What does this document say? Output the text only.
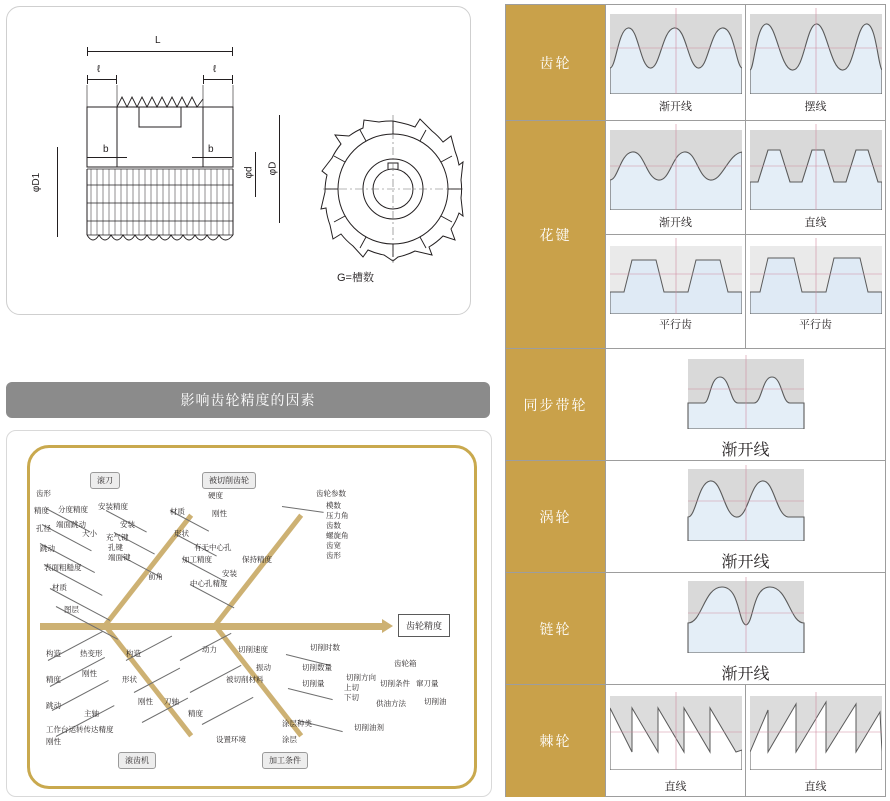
L
ℓ	ℓ
b	b
φD1
φd φD
G=槽数
影响齿轮精度的因素
齿轮精度
滚刀	被切削齿轮
滚齿机	加工条件
齿形
精度
孔径
跳动
分度精度
端面跳动
大小
安装精度
安装
充气键
孔键
端面键
表面粗糙度
材质
图层
前角
硬度
材质	刚性
形状
有无中心孔
加工精度
安装
中心孔精度
保持精度
齿轮参数
模数
压力角
齿数
螺旋角
齿宽
齿形
构造	热变形
精度
刚性
跳动
主轴
工作台运转传达精度
刚性
构造
形状
刚性 刀轴
精度
动力	切削速度
振动
被切削材料
切削时数
切削数量
切削量
切削方向
上切
下切
齿轮箱
切削条件 窜刀量
供油方法 切削油
切削油剂
涂层种类
涂层
设置环境
齿轮
渐开线	摆线
花键
渐开线	直线
平行齿	平行齿
同步带轮
渐开线
涡轮
渐开线
链轮
渐开线
棘轮
直线	直线
